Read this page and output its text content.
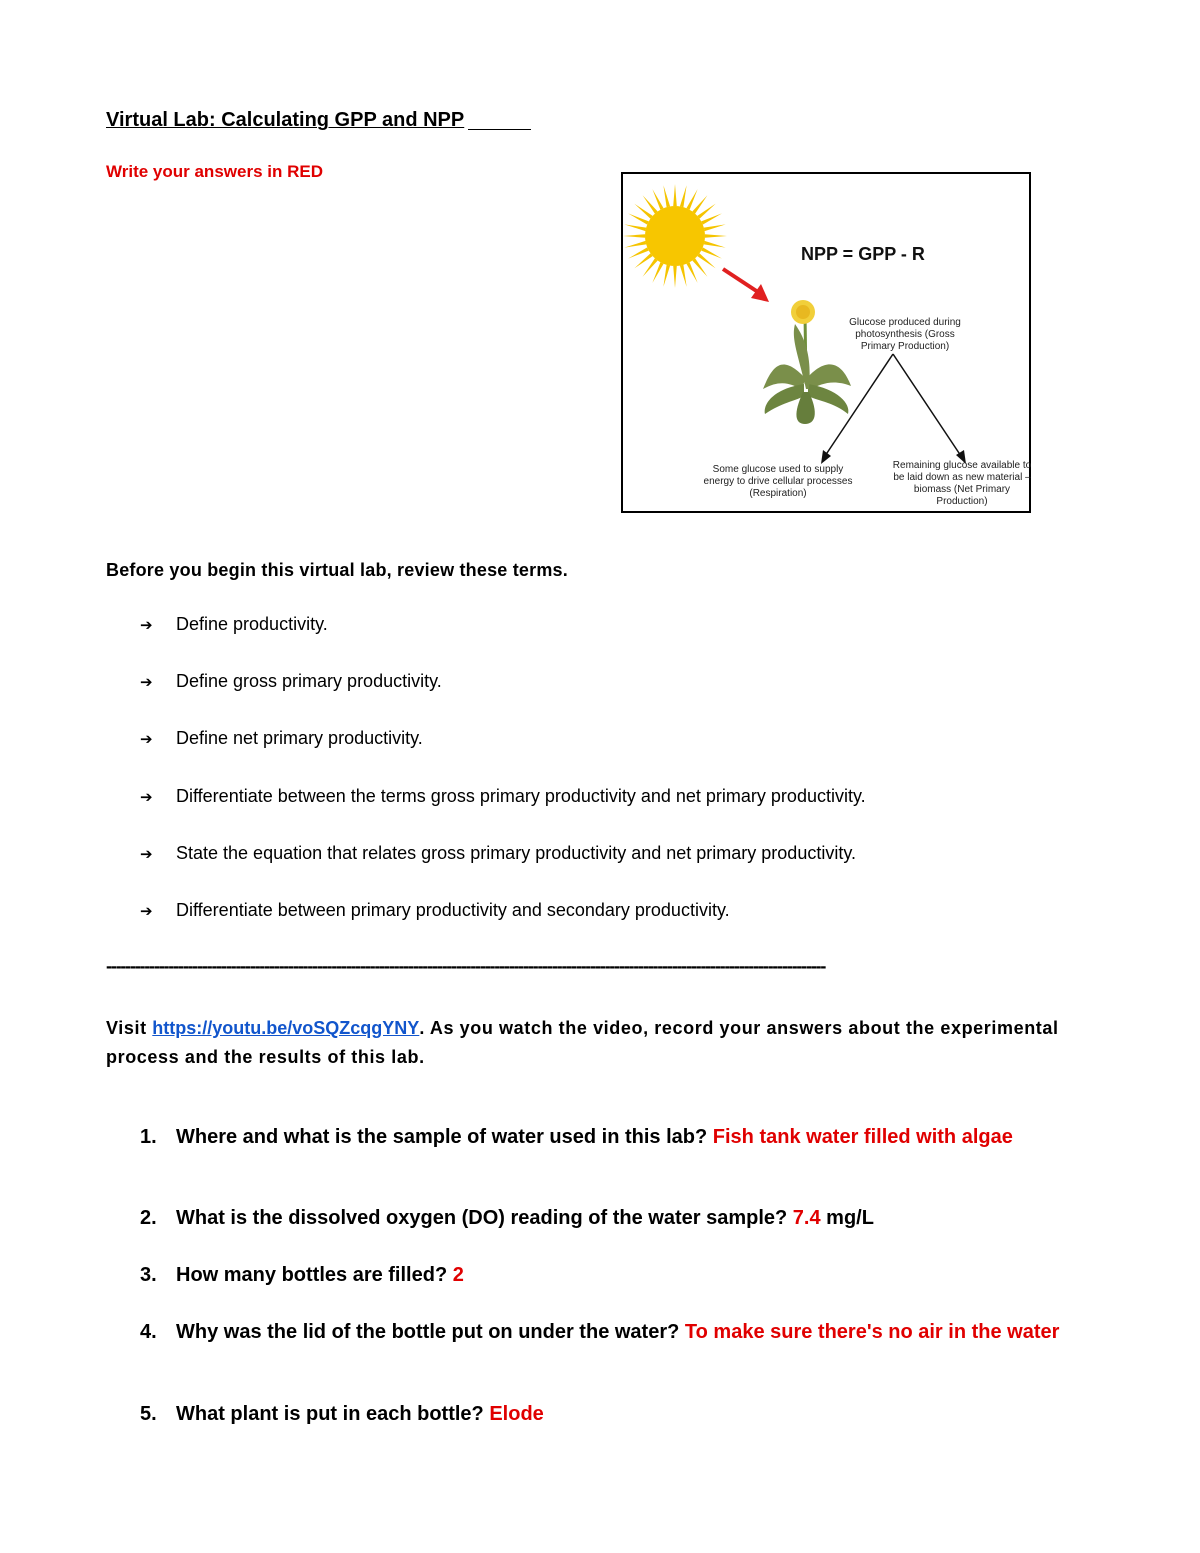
Virtual Lab: Calculating GPP and NPP
Write your answers in RED
NPP = GPP - R
Glucose produced during photosynthesis (Gross Primary Production)
Some glucose used to supply energy to drive cellular processes (Respiration)
Remaining glucose available to be laid down as new material – biomass (Net Primary Production)
Before you begin this virtual lab, review these terms.
➔ Define productivity.
➔ Define gross primary productivity.
➔ Define net primary productivity.
➔ Differentiate between the terms gross primary productivity and net primary productivity.
➔ State the equation that relates gross primary productivity and net primary productivity.
➔ Differentiate between primary productivity and secondary productivity.
------------------------------------------------------------------------------------------------------------------------------------------------------
Visit https://youtu.be/voSQZcqgYNY. As you watch the video, record your answers about the experimental process and the results of this lab.
1. Where and what is the sample of water used in this lab? Fish tank water filled with algae
2. What is the dissolved oxygen (DO) reading of the water sample? 7.4 mg/L
3. How many bottles are filled? 2
4. Why was the lid of the bottle put on under the water? To make sure there's no air in the water
5. What plant is put in each bottle? Elode
